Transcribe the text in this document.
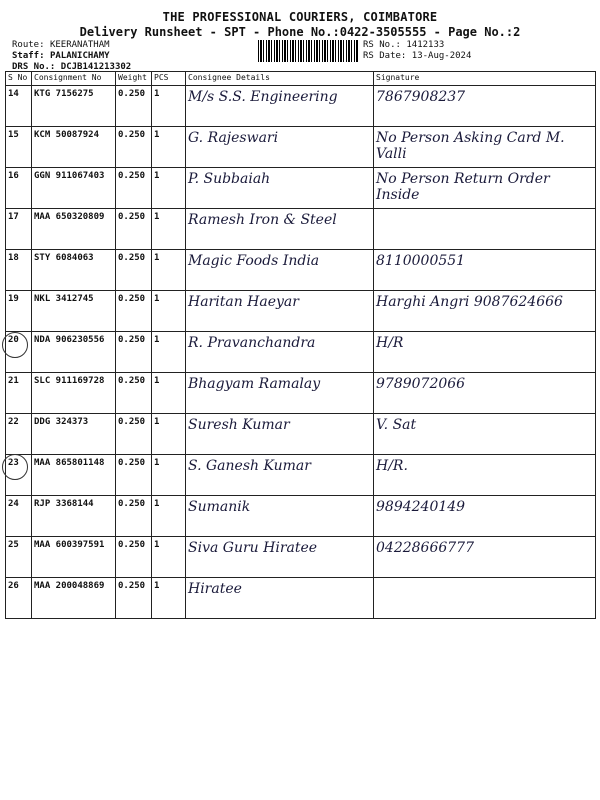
THE PROFESSIONAL COURIERS, COIMBATORE
Delivery Runsheet - SPT - Phone No.:0422-3505555 - Page No.:2
Route: KEERANATHAM
Staff: PALANICHAMY
DRS No.: DCJB141213302
RS No.: 1412133
RS Date: 13-Aug-2024
S No	Consignment No	Weight	PCS	Consignee Details	Signature
14	KTG 7156275	0.250	1	M/s S.S. Engineering	7867908237
15	KCM 50087924	0.250	1	G. Rajeswari	No Person Asking Card M. Valli
16	GGN 911067403	0.250	1	P. Subbaiah	No Person Return Order Inside
17	MAA 650320809	0.250	1	Ramesh Iron & Steel	
18	STY 6084063	0.250	1	Magic Foods India	8110000551
19	NKL 3412745	0.250	1	Haritan Haeyar	Harghi Angri 9087624666
20	NDA 906230556	0.250	1	R. Pravanchandra	H/R
21	SLC 911169728	0.250	1	Bhagyam Ramalay	9789072066
22	DDG 324373	0.250	1	Suresh Kumar	V. Sat
23	MAA 865801148	0.250	1	S. Ganesh Kumar	H/R.
24	RJP 3368144	0.250	1	Sumanik	9894240149
25	MAA 600397591	0.250	1	Siva Guru Hiratee	04228666777
26	MAA 200048869	0.250	1	Hiratee	
